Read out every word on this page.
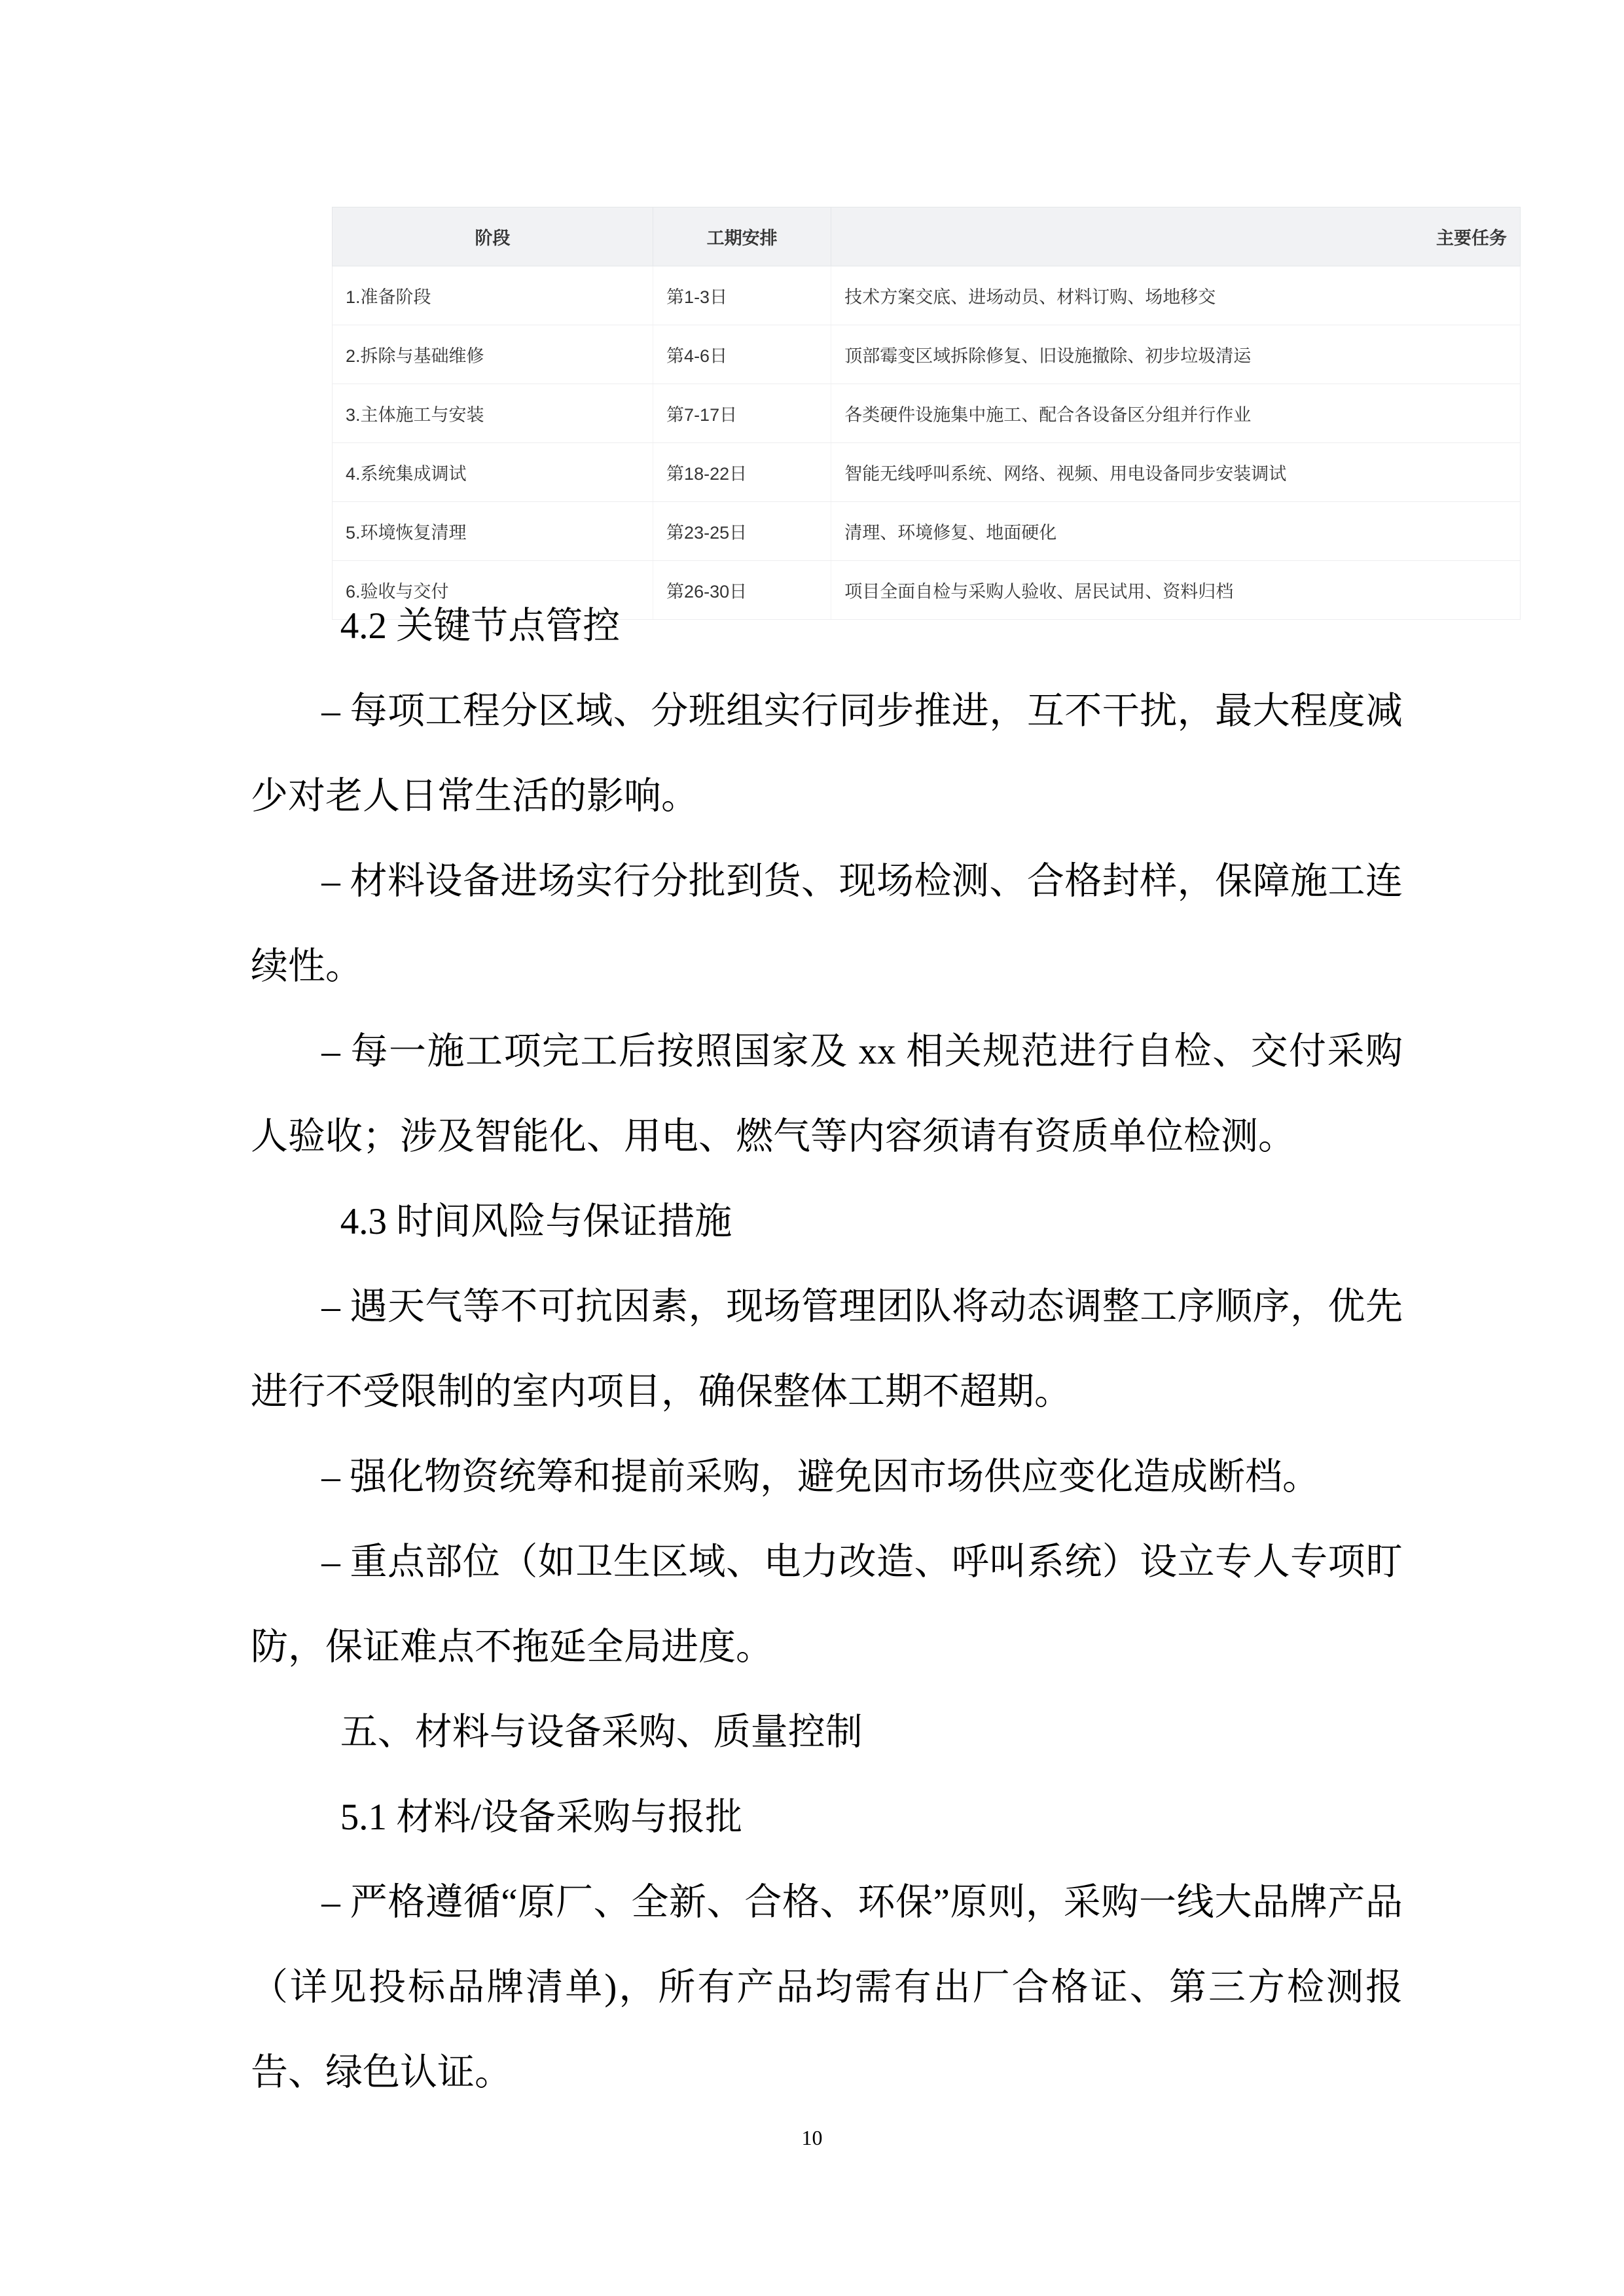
阶段	工期安排	主要任务
1.准备阶段	第1-3日	技术方案交底、进场动员、材料订购、场地移交
2.拆除与基础维修	第4-6日	顶部霉变区域拆除修复、旧设施撤除、初步垃圾清运
3.主体施工与安装	第7-17日	各类硬件设施集中施工、配合各设备区分组并行作业
4.系统集成调试	第18-22日	智能无线呼叫系统、网络、视频、用电设备同步安装调试
5.环境恢复清理	第23-25日	清理、环境修复、地面硬化
6.验收与交付	第26-30日	项目全面自检与采购人验收、居民试用、资料归档

4.2 关键节点管控

– 每项工程分区域、分班组实行同步推进，互不干扰，最大程度减少对老人日常生活的影响。

– 材料设备进场实行分批到货、现场检测、合格封样，保障施工连续性。

– 每一施工项完工后按照国家及 xx 相关规范进行自检、交付采购人验收；涉及智能化、用电、燃气等内容须请有资质单位检测。

4.3 时间风险与保证措施

– 遇天气等不可抗因素，现场管理团队将动态调整工序顺序，优先进行不受限制的室内项目，确保整体工期不超期。

– 强化物资统筹和提前采购，避免因市场供应变化造成断档。

– 重点部位（如卫生区域、电力改造、呼叫系统）设立专人专项盯防，保证难点不拖延全局进度。

五、材料与设备采购、质量控制

5.1 材料/设备采购与报批

– 严格遵循“原厂、全新、合格、环保”原则，采购一线大品牌产品（详见投标品牌清单)，所有产品均需有出厂合格证、第三方检测报告、绿色认证。

10
